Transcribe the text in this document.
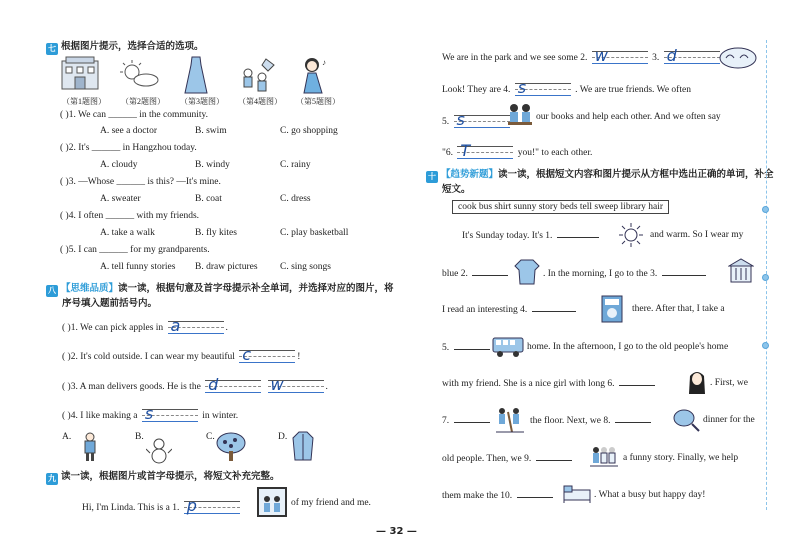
七 根据图片提示，选择合适的选项。
♪
（第1题图） （第2题图） （第3题图） （第4题图） （第5题图）
( )1. We can ______ in the community.
A. see a doctor	B. swim	C. go shopping
( )2. It's ______ in Hangzhou today.
A. cloudy	B. windy	C. rainy
( )3. —Whose ______ is this? —It's mine.
A. sweater	B. coat	C. dress
( )4. I often ______ with my friends.
A. take a walk	B. fly kites	C. play basketball
( )5. I can ______ for my grandparents.
A. tell funny stories B. draw pictures C. sing songs
八 【思维品质】读一读，根据句意及首字母提示补全单词，并选择对应的图片，将
序号填入题前括号内。
( )1. We can pick apples in a	.
( )2. It's cold outside. I can wear my beautiful c	!
( )3. A man delivers goods. He is the d
	w	.
( )4. I like making a s	in winter.
A.	B.	C.	D.
九 读一读，根据图片或首字母提示，将短文补充完整。
Hi, I'm Linda. This is a 1. p	of my friend and me.
We are in the park and we see some 2. w	3. d
Look! They are 4. s	. We are true friends. We often
5. s	our books and help each other. And we often say
"6. T	you!" to each other.
十 【趋势新题】读一读，根据短文内容和图片提示从方框中选出正确的单词，补全
短文。
cook bus shirt sunny story beds tell sweep library hair
It's Sunday today. It's 1.	and warm. So I wear my
blue 2.	. In the morning, I go to the 3.
I read an interesting 4.	there. After that, I take a
5.	home. In the afternoon, I go to the old people's home
with my friend. She is a nice girl with long 6.	. First, we
7.	the floor. Next, we 8.	dinner for the
old people. Then, we 9.	a funny story. Finally, we help
them make the 10.	. What a busy but happy day!
— 32 —
